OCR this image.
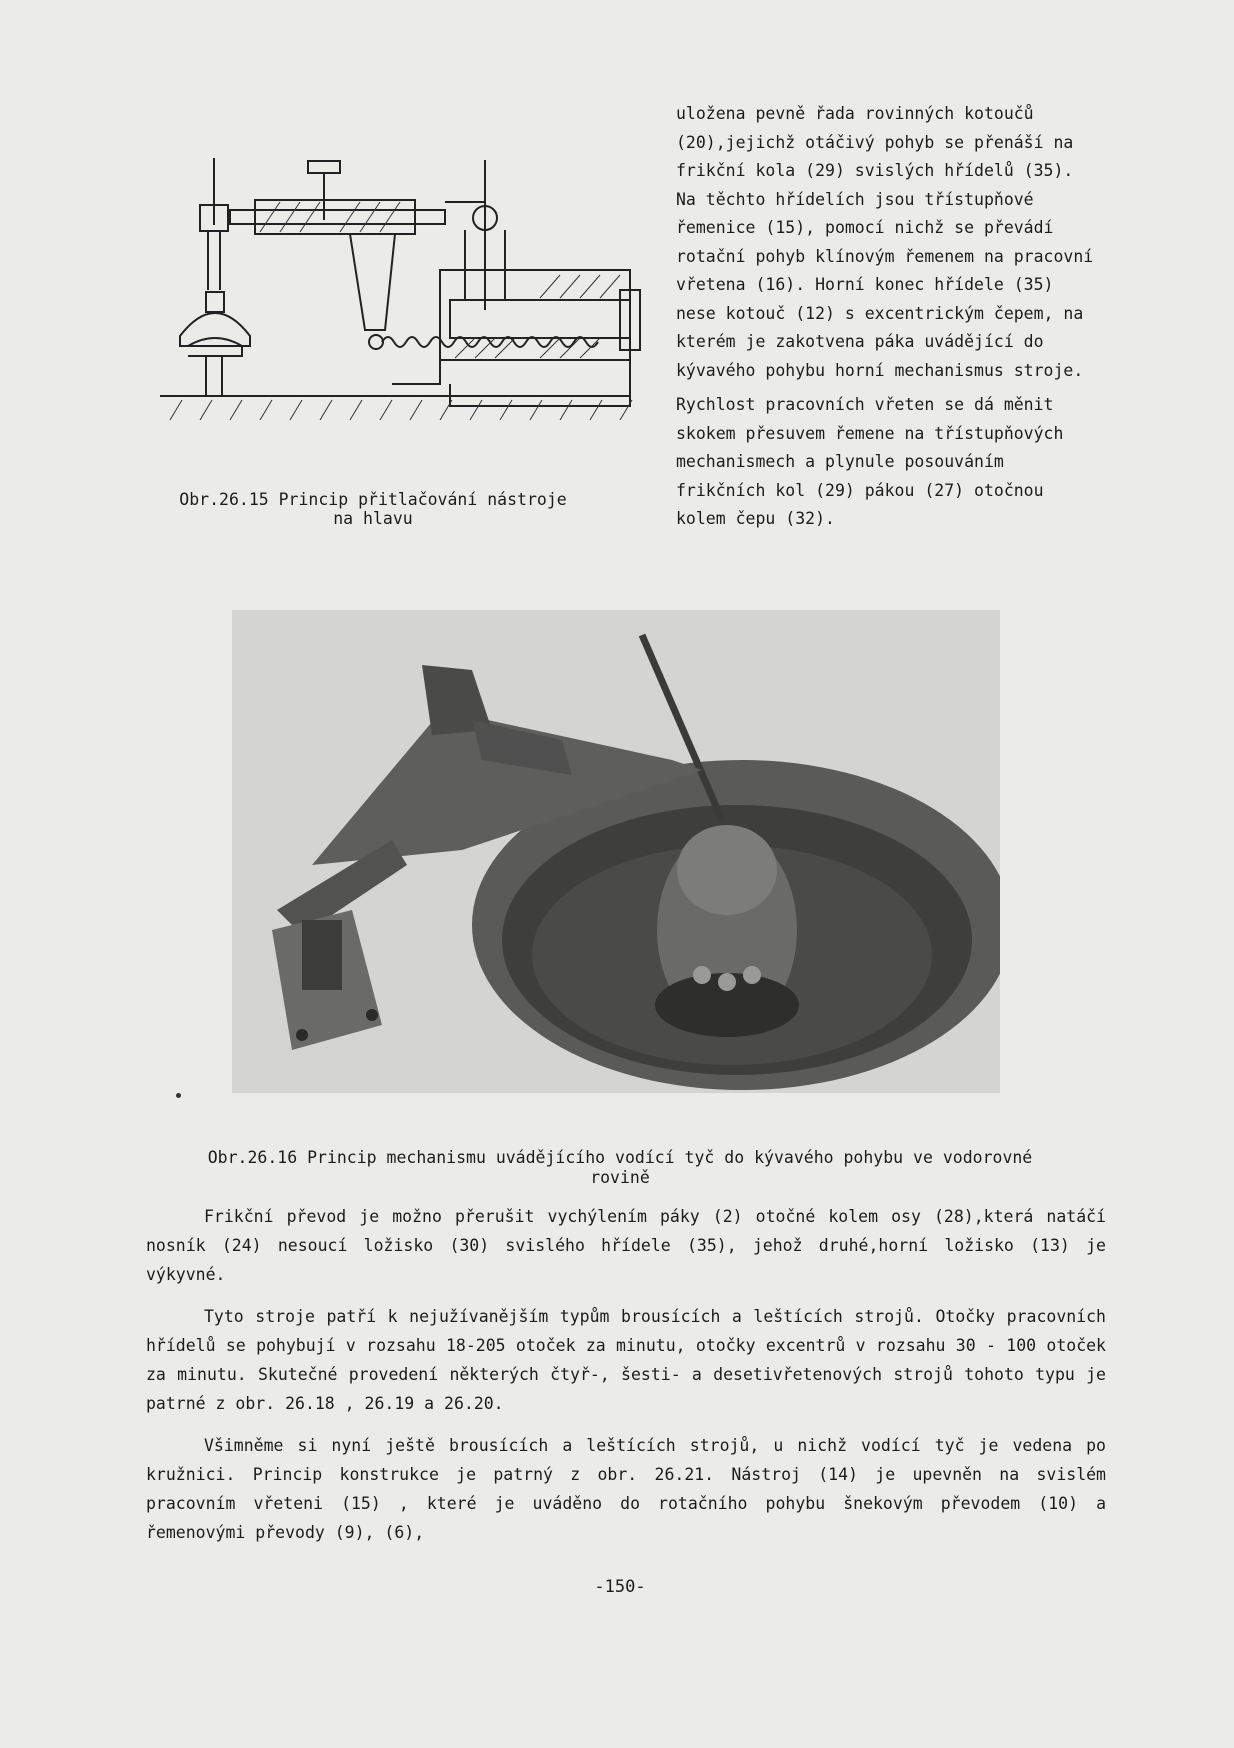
Obr.26.15 Princip přitlačování nástroje
na hlavu

uložena pevně řada rovinných kotoučů (20),jejichž otáčivý pohyb se přenáší na frikční kola (29) svislých hřídelů (35). Na těchto hřídelích jsou třístupňové řemenice (15), pomocí nichž se převádí rotační pohyb klínovým řemenem na pracovní vřetena (16). Horní konec hřídele (35) nese kotouč (12) s excentrickým čepem, na kterém je zakotvena páka uvádějící do kývavého pohybu horní mechanismus stroje.

Rychlost pracovních vřeten se dá měnit skokem přesuvem řemene na třístupňových mechanismech a plynule posouváním frikčních kol (29) pákou (27) otočnou kolem čepu (32).

Obr.26.16 Princip mechanismu uvádějícího vodící tyč do kývavého pohybu ve vodorovné
rovině

Frikční převod je možno přerušit vychýlením páky (2) otočné kolem osy (28),která natáčí nosník (24) nesoucí ložisko (30) svislého hřídele (35), jehož druhé,horní ložisko (13) je výkyvné.

Tyto stroje patří k nejužívanějším typům brousících a leštících strojů. Otočky pracovních hřídelů se pohybují v rozsahu 18-205 otoček za minutu, otočky excentrů v rozsahu 30 - 100 otoček za minutu. Skutečné provedení některých čtyř-, šesti- a desetivřetenových strojů tohoto typu je patrné z obr. 26.18 , 26.19 a 26.20.

Všimněme si nyní ještě brousících a leštících strojů, u nichž vodící tyč je vedena po kružnici. Princip konstrukce je patrný z obr. 26.21. Nástroj (14) je upevněn na svislém pracovním vřeteni (15) , které je uváděno do rotačního pohybu šnekovým převodem (10) a řemenovými převody (9), (6),

-150-
